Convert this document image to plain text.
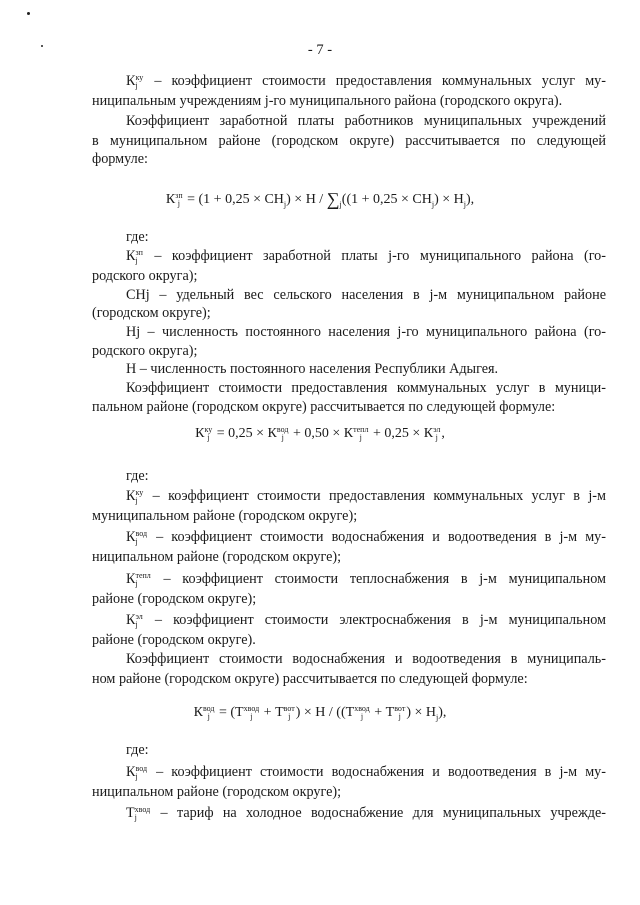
- 7 -
К ку
j – коэффициент стоимости предоставления коммунальных услуг му-
ниципальным учреждениям j-го муниципального района (городского округа).
Коэффициент заработной платы работников муниципальных учреждений
в муниципальном районе (городском округе) рассчитывается по следующей
формуле:
К зп
$j = (1 + 0,25 \times СН_j) \times Н / \sum_j((1 + 0,25 \times СН_j) \times Н_j)$,
где:
К зп
j – коэффициент заработной платы j-го муниципального района (го-
родского округа);
СНj – удельный вес сельского населения в j-м муниципальном районе
(городском округе);
Нj – численность постоянного населения j-го муниципального района (го-
родского округа);
Н – численность постоянного населения Республики Адыгея.
Коэффициент стоимости предоставления коммунальных услуг в муници-
пальном районе (городском округе) рассчитывается по следующей формуле:
К ку
j = 0,25 × К вод
j + 0,50 × К тепл
j + 0,25 × К эл
j ,
где:
К ку
j – коэффициент стоимости предоставления коммунальных услуг в j-м
муниципальном районе (городском округе);
К вод
j – коэффициент стоимости водоснабжения и водоотведения в j-м му-
ниципальном районе (городском округе);
К тепл
j – коэффициент стоимости теплоснабжения в j-м муниципальном
районе (городском округе);
К эл
j – коэффициент стоимости электроснабжения в j-м муниципальном
районе (городском округе).
Коэффициент стоимости водоснабжения и водоотведения в муниципаль-
ном районе (городском округе) рассчитывается по следующей формуле:
К вод
j = (Т хвод
j + Т вот
j ) × Н / ((Т хвод
j + Т вот
j ) × $Н_j$),
где:
К вод
j – коэффициент стоимости водоснабжения и водоотведения в j-м му-
ниципальном районе (городском округе);
Т хвод
j	– тариф на холодное водоснабжение для муниципальных учрежде-
